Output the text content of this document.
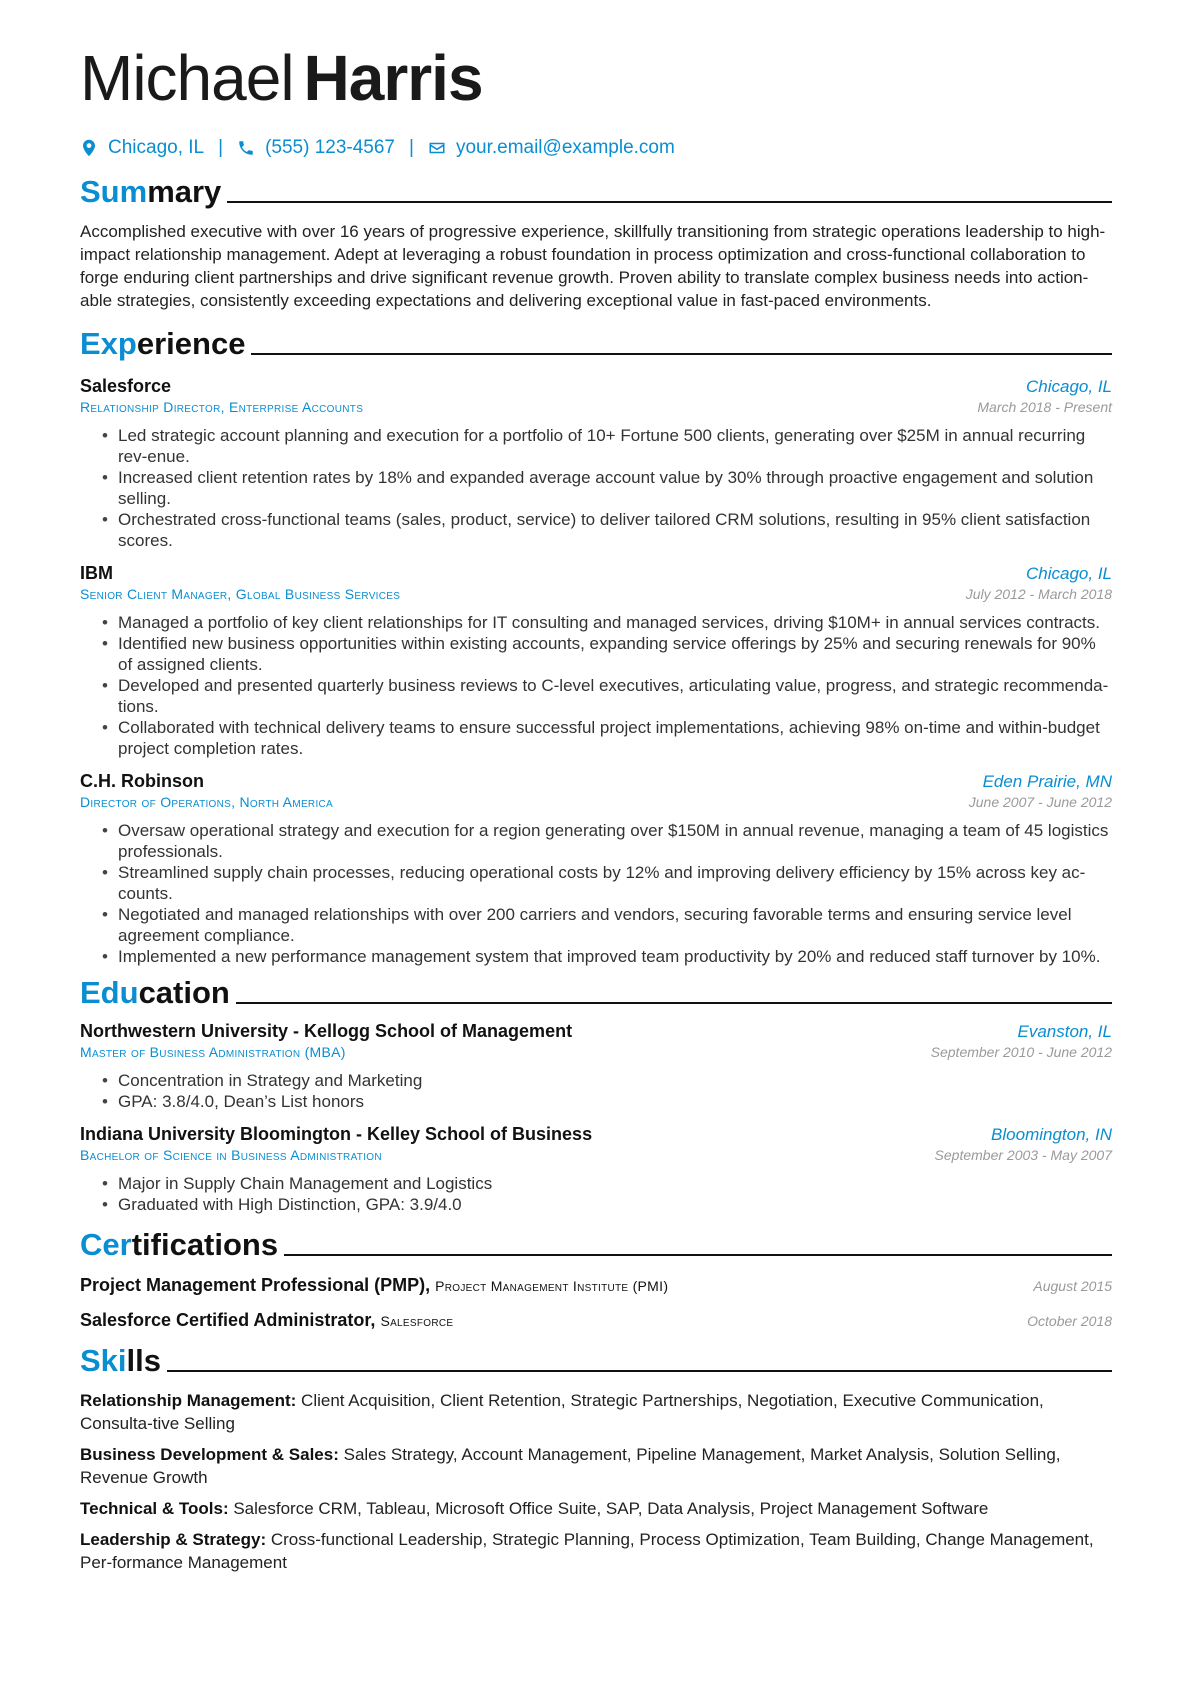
Michael Harris
Chicago, IL | (555) 123-4567 | your.email@example.com
Summary

Accomplished executive with over 16 years of progressive experience, skillfully transitioning from strategic operations leadership to high-impact relationship management. Adept at leveraging a robust foundation in process optimization and cross-functional collaboration to forge enduring client partnerships and drive significant revenue growth. Proven ability to translate complex business needs into action-able strategies, consistently exceeding expectations and delivering exceptional value in fast-paced environments.

Experience
Salesforce	Chicago, IL
Relationship Director, Enterprise Accounts	March 2018 - Present
• Led strategic account planning and execution for a portfolio of 10+ Fortune 500 clients, generating over $25M in annual recurring rev-enue.
• Increased client retention rates by 18% and expanded average account value by 30% through proactive engagement and solution selling.
• Orchestrated cross-functional teams (sales, product, service) to deliver tailored CRM solutions, resulting in 95% client satisfaction scores.
IBM	Chicago, IL
Senior Client Manager, Global Business Services	July 2012 - March 2018
• Managed a portfolio of key client relationships for IT consulting and managed services, driving $10M+ in annual services contracts.
• Identified new business opportunities within existing accounts, expanding service offerings by 25% and securing renewals for 90% of assigned clients.
• Developed and presented quarterly business reviews to C-level executives, articulating value, progress, and strategic recommenda-tions.
• Collaborated with technical delivery teams to ensure successful project implementations, achieving 98% on-time and within-budget project completion rates.
C.H. Robinson	Eden Prairie, MN
Director of Operations, North America	June 2007 - June 2012
• Oversaw operational strategy and execution for a region generating over $150M in annual revenue, managing a team of 45 logistics professionals.
• Streamlined supply chain processes, reducing operational costs by 12% and improving delivery efficiency by 15% across key ac-counts.
• Negotiated and managed relationships with over 200 carriers and vendors, securing favorable terms and ensuring service level agreement compliance.
• Implemented a new performance management system that improved team productivity by 20% and reduced staff turnover by 10%.
Education
Northwestern University - Kellogg School of Management	Evanston, IL
Master of Business Administration (MBA)	September 2010 - June 2012
• Concentration in Strategy and Marketing
• GPA: 3.8/4.0, Dean’s List honors
Indiana University Bloomington - Kelley School of Business	Bloomington, IN
Bachelor of Science in Business Administration	September 2003 - May 2007
• Major in Supply Chain Management and Logistics
• Graduated with High Distinction, GPA: 3.9/4.0
Certifications
Project Management Professional (PMP), Project Management Institute (PMI)	August 2015
Salesforce Certified Administrator, Salesforce	October 2018
Skills
Relationship Management: Client Acquisition, Client Retention, Strategic Partnerships, Negotiation, Executive Communication, Consulta-tive Selling
Business Development & Sales: Sales Strategy, Account Management, Pipeline Management, Market Analysis, Solution Selling, Revenue Growth
Technical & Tools: Salesforce CRM, Tableau, Microsoft Office Suite, SAP, Data Analysis, Project Management Software
Leadership & Strategy: Cross-functional Leadership, Strategic Planning, Process Optimization, Team Building, Change Management, Per-formance Management
